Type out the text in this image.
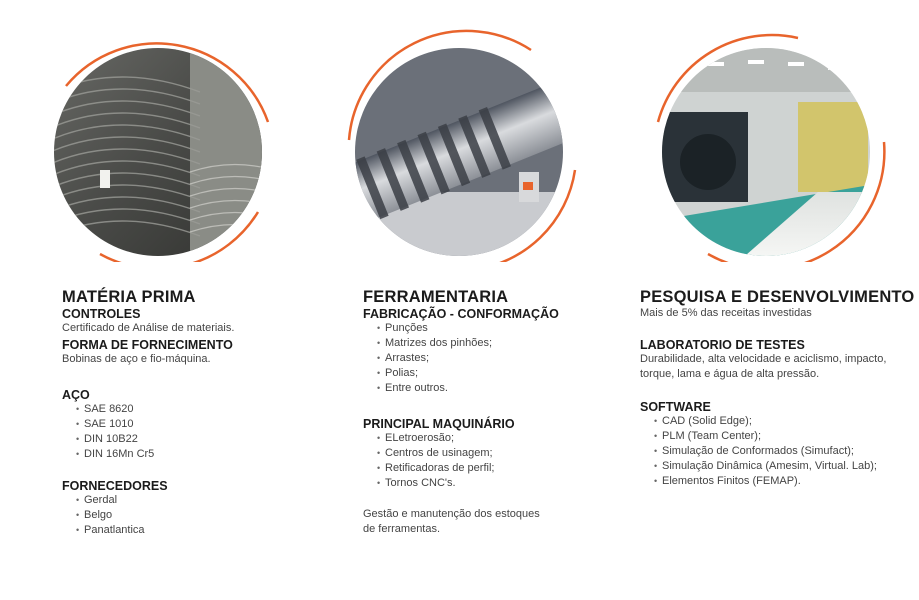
MATÉRIA PRIMA

CONTROLES

Certificado de Análise de materiais.

FORMA DE FORNECIMENTO

Bobinas de aço e fio-máquina.

AÇO

• SAE 8620
• SAE 1010
• DIN 10B22
• DIN 16Mn Cr5

FORNECEDORES

• Gerdal
• Belgo
• Panatlantica
FERRAMENTARIA

FABRICAÇÃO - CONFORMAÇÃO

• Punções
• Matrizes dos pinhões;
• Arrastes;
• Polias;
• Entre outros.

PRINCIPAL MAQUINÁRIO

• ELetroerosão;
• Centros de usinagem;
• Retificadoras de perfil;
• Tornos CNC's.

Gestão e manutenção dos estoques

de ferramentas.

PESQUISA E DESENVOLVIMENTO

Mais de 5% das receitas investidas

LABORATORIO DE TESTES

Durabilidade, alta velocidade e aciclismo, impacto,

torque, lama e água de alta pressão.

SOFTWARE

• CAD (Solid Edge);
• PLM (Team Center);
• Simulação de Conformados (Simufact);
• Simulação Dinâmica (Amesim, Virtual. Lab);
• Elementos Finitos (FEMAP).
